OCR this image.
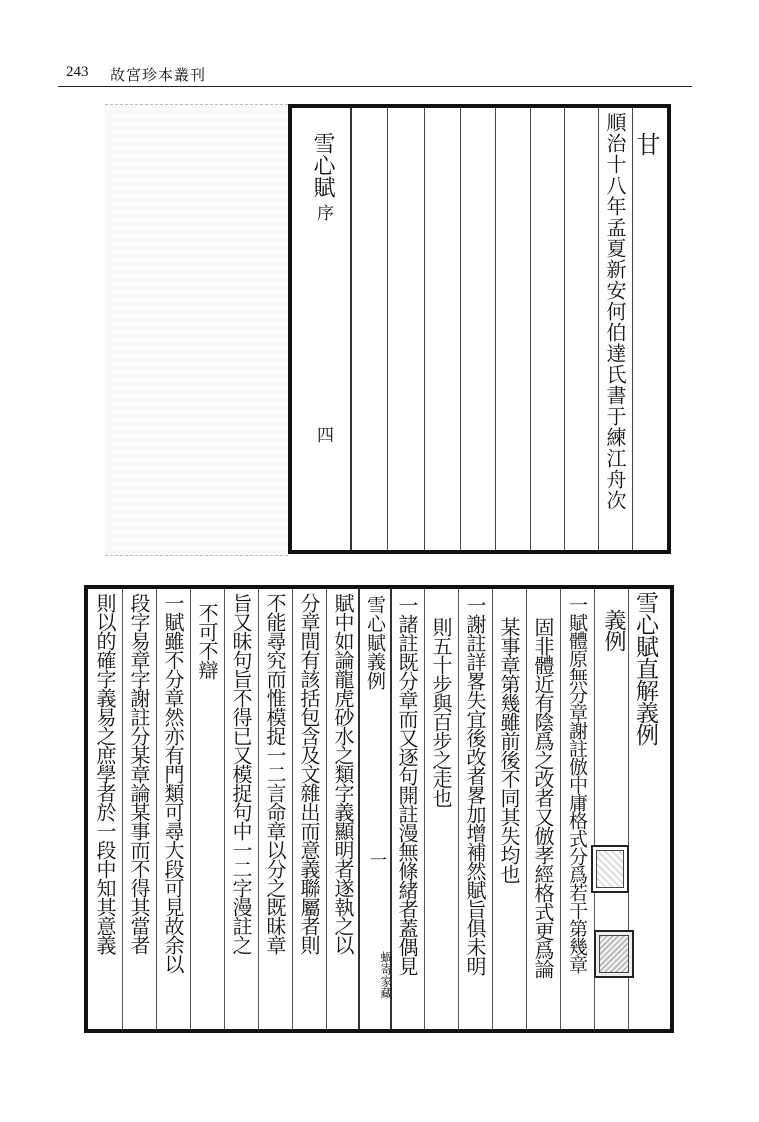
243 故宮珍本叢刊
雪心賦
序
四
甘
順治十八年孟夏新安何伯達氏書于練江舟次
雪心賦直解義例
義例
一賦體原無分章謝註倣中庸格式分爲若干第幾章
固非體近有陰爲之改者又倣孝經格式更爲論
某事章第幾雖前後不同其失均也
一謝註詳畧失宜後改者畧加增補然賦旨俱未明
則五十步與百步之走也
一諸註既分章而又逐句開註漫無條緒者蓋偶見
雪心賦義例
一
蝸寄家藏
賦中如論龍虎砂水之類字義顯明者遂執之以
分章間有該括包含及文雜出而意義聯屬者則
不能尋究而惟模捉一二言命章以分之既昧章
旨又昧句旨不得已又模捉句中一二字漫註之
不可不辯
一賦雖不分章然亦有門類可尋大段可見故余以
段字易章字謝註分某章論某事而不得其當者
則以的確字義易之庶學者於一段中知其意義
